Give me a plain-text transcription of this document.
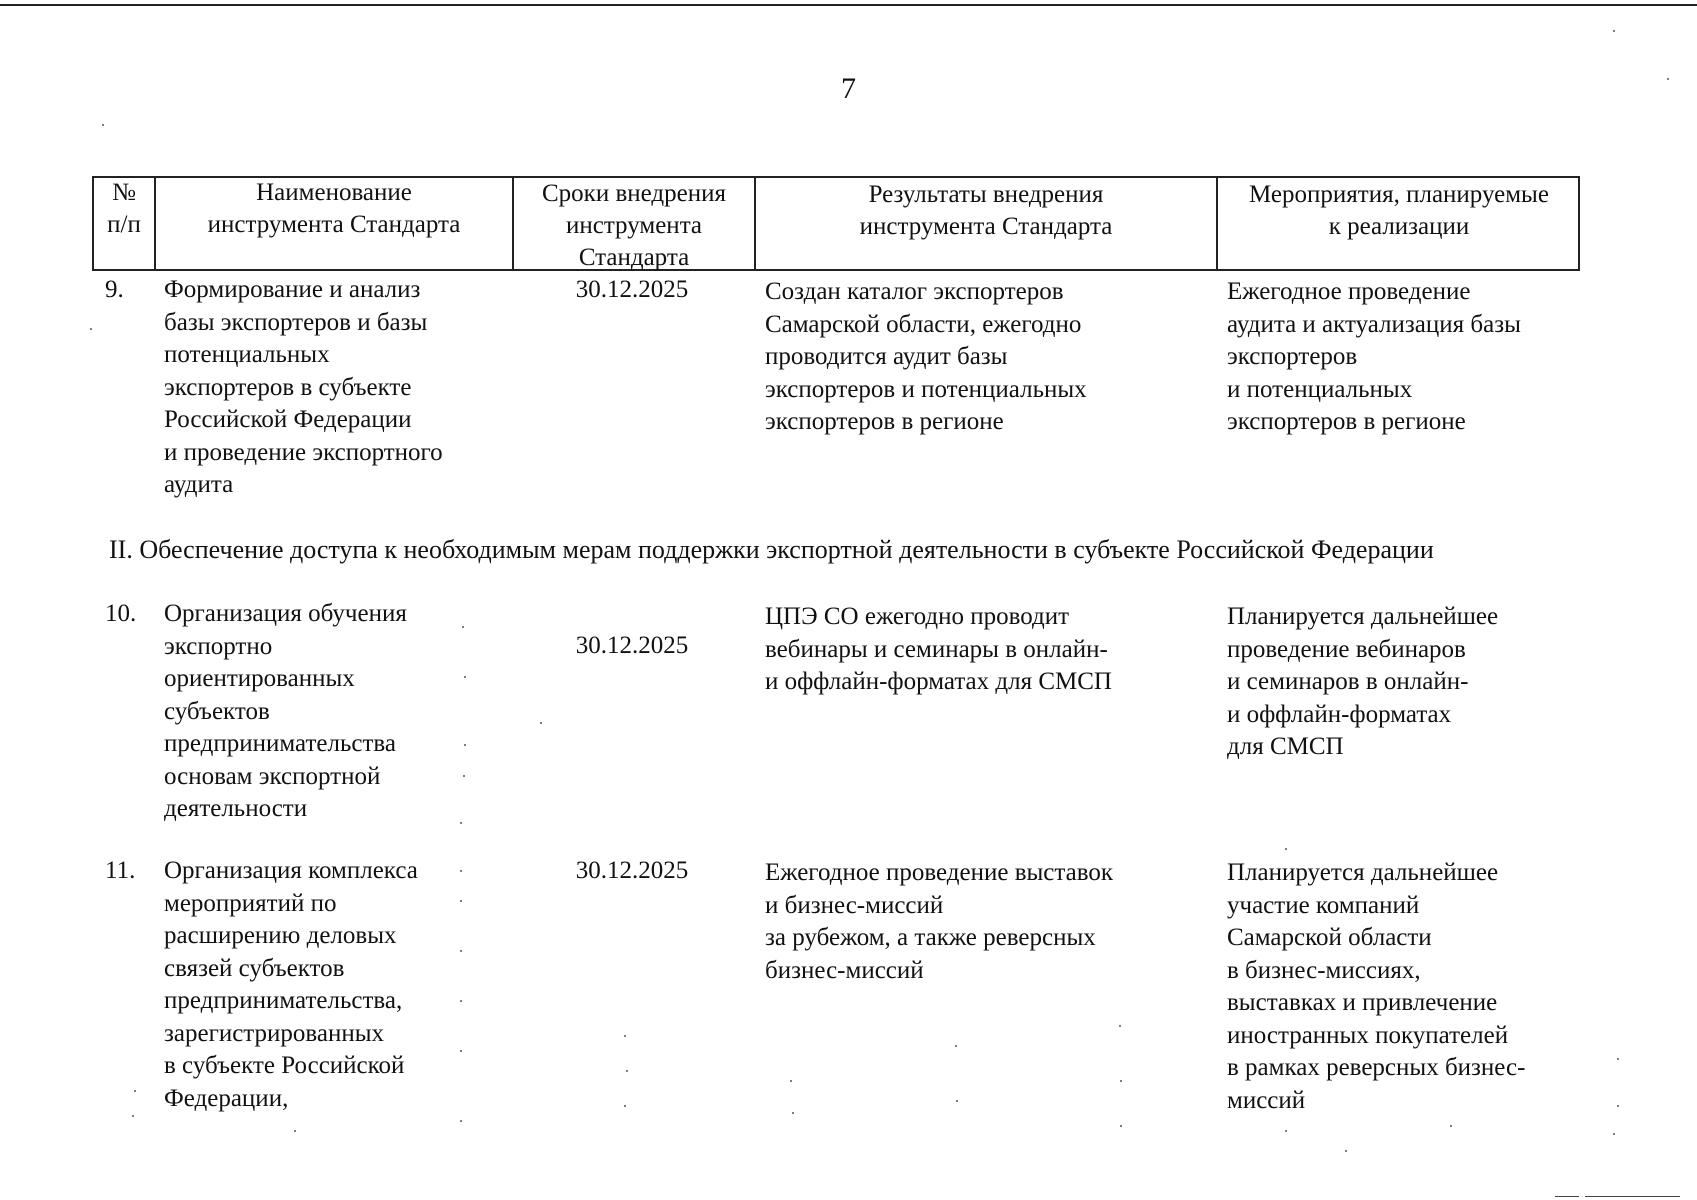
7
№
п/п
Наименование
инструмента Стандарта
Сроки внедрения
инструмента
Стандарта
Результаты внедрения
инструмента Стандарта
Мероприятия, планируемые
к реализации
9. Формирование и анализ
базы экспортеров и базы
потенциальных
экспортеров в субъекте
Российской Федерации
и проведение экспортного
аудита
30.12.2025	Создан каталог экспортеров
Самарской области, ежегодно
проводится аудит базы
экспортеров и потенциальных
экспортеров в регионе
Ежегодное проведение
аудита и актуализация базы
экспортеров
и потенциальных
экспортеров в регионе
II. Обеспечение доступа к необходимым мерам поддержки экспортной деятельности в субъекте Российской Федерации
10. Организация обучения
экспортно
ориентированных
субъектов
предпринимательства
основам экспортной
деятельности
30.12.2025
ЦПЭ СО ежегодно проводит
вебинары и семинары в онлайн-
и оффлайн-форматах для СМСП
Планируется дальнейшее
проведение вебинаров
и семинаров в онлайн-
и оффлайн-форматах
для СМСП
11. Организация комплекса
мероприятий по
расширению деловых
связей субъектов
предпринимательства,
зарегистрированных
в субъекте Российской
Федерации,
30.12.2025	Ежегодное проведение выставок
и бизнес-миссий
за рубежом, а также реверсных
бизнес-миссий
Планируется дальнейшее
участие компаний
Самарской области
в бизнес-миссиях,
выставках и привлечение
иностранных покупателей
в рамках реверсных бизнес-
миссий
